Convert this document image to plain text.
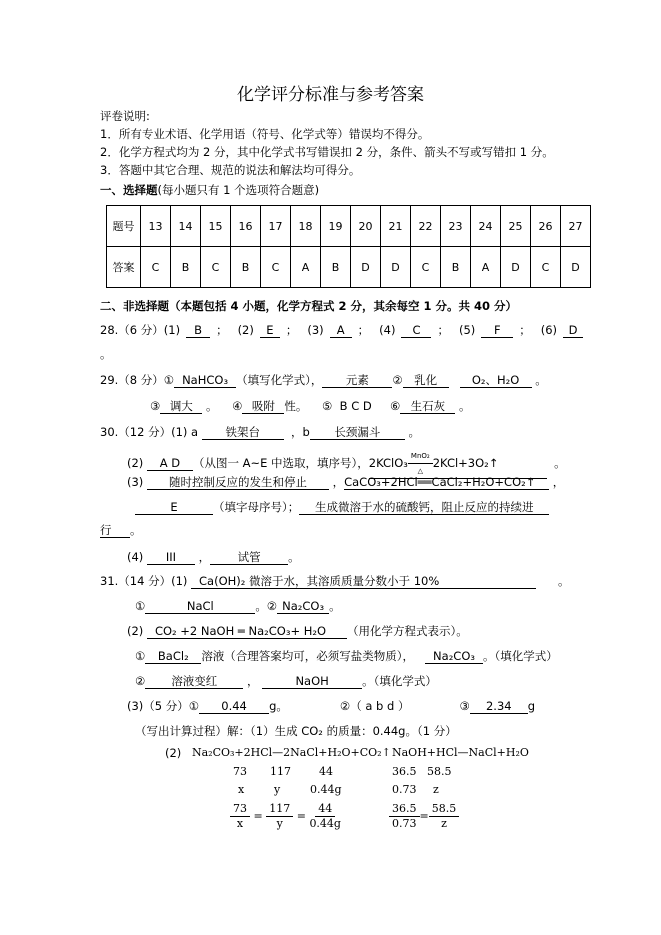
化学评分标准与参考答案
评卷说明:
1．所有专业术语、化学用语（符号、化学式等）错误均不得分。
2．化学方程式均为 2 分，其中化学式书写错误扣 2 分，条件、箭头不写或写错扣 1 分。
3．答题中其它合理、规范的说法和解法均可得分。
一、选择题(每小题只有 1 个选项符合题意)
题号	13	14	15	16	17	18	19	20	21	22	23	24	25	26	27
答案	C	B	C	B	C	A	B	D	D	C	B	A	D	C	D
二、非选择题（本题包括 4 小题，化学方程式 2 分，其余每空 1 分。共 40 分）
28.（6 分）(1) B ； (2) E ； (3) A ； (4) C ； (5) F ； (6) D
。
29.（8 分）① NaHCO₃ （填写化学式）， 元素 ② 乳化	O₂、H₂O 。
③ 调大 。 ④ 吸附 性。 ⑤ B C D ⑥ 生石灰 。
30.（12 分）(1) a 铁架台	，b 长颈漏斗 。
(2) A D （从图一 A~E 中选取，填序号），2KClO₃ $\frac{\text{MnO₂}}{\triangle}$ 2KCl+3O₂↑	。
(3) 随时控制反应的发生和停止 ，CaCO₃+2HCl══CaCl₂+H₂O+CO₂↑ ，
E	（填字母序号）； 生成微溶于水的硫酸钙，阻止反应的持续进
行 。
(4) III ， 试管 。
31.（14 分）(1) Ca(OH)₂ 微溶于水，其溶质质量分数小于 10%	。
①	NaCl	。② Na₂CO₃ 。
(2) CO₂ +2 NaOH ═ Na₂CO₃+ H₂O （用化学方程式表示）。
① BaCl₂ 溶液（合理答案均可，必须写盐类物质）， Na₂CO₃ 。（填化学式）
② 溶液变红	，	NaOH	。（填化学式）
(3)（5 分）① 0.44 g。	②（ a b d ）	③ 2.34 g
（写出计算过程）解：（1）生成 CO₂ 的质量：0.44g。（1 分）
(2) Na₂CO₃+2HCl—2NaCl+H₂O+CO₂↑ NaOH+HCl—NaCl+H₂O
73 117	44	36.5 58.5
x	y	0.44g	0.73 z
$\frac{73}{x} = \frac{117}{y} = \frac{44}{0.44g}$	$\frac{36.5}{0.73} = \frac{58.5}{z}$
